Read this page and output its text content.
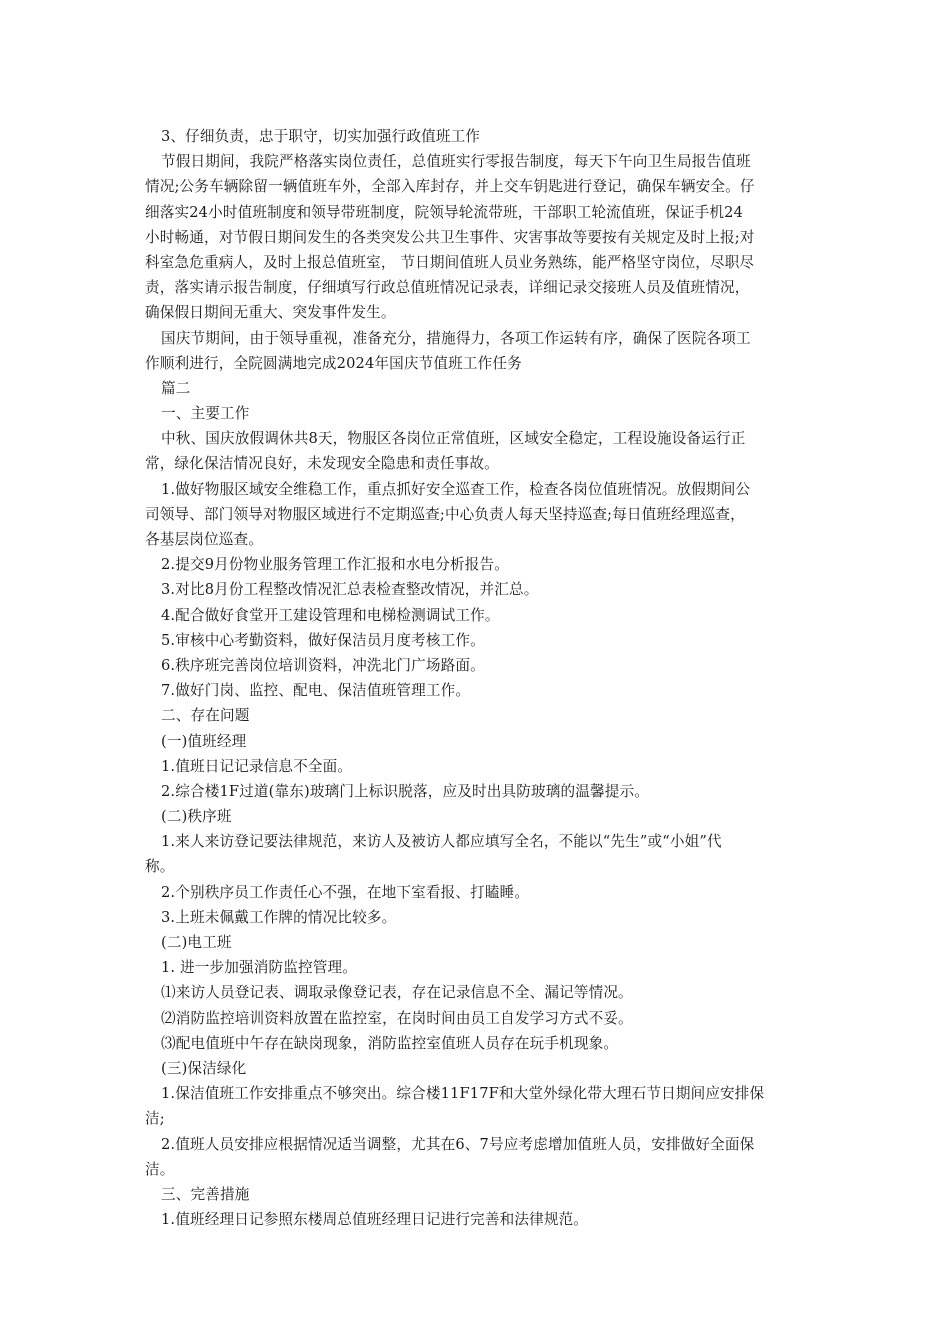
3、仔细负责，忠于职守，切实加强行政值班工作
节假日期间，我院严格落实岗位责任，总值班实行零报告制度，每天下午向卫生局报告值班
情况;公务车辆除留一辆值班车外，全部入库封存，并上交车钥匙进行登记，确保车辆安全。仔
细落实24小时值班制度和领导带班制度，院领导轮流带班，干部职工轮流值班，保证手机24
小时畅通，对节假日期间发生的各类突发公共卫生事件、灾害事故等要按有关规定及时上报;对
科室急危重病人，及时上报总值班室， 节日期间值班人员业务熟练，能严格坚守岗位，尽职尽
责，落实请示报告制度，仔细填写行政总值班情况记录表，详细记录交接班人员及值班情况，
确保假日期间无重大、突发事件发生。
国庆节期间，由于领导重视，准备充分，措施得力，各项工作运转有序，确保了医院各项工
作顺利进行，全院圆满地完成2024年国庆节值班工作任务
篇二
一、主要工作
中秋、国庆放假调休共8天，物服区各岗位正常值班，区域安全稳定，工程设施设备运行正
常，绿化保洁情况良好，未发现安全隐患和责任事故。
1.做好物服区域安全维稳工作，重点抓好安全巡查工作，检查各岗位值班情况。放假期间公
司领导、部门领导对物服区域进行不定期巡查;中心负责人每天坚持巡查;每日值班经理巡查，
各基层岗位巡查。
2.提交9月份物业服务管理工作汇报和水电分析报告。
3.对比8月份工程整改情况汇总表检查整改情况，并汇总。
4.配合做好食堂开工建设管理和电梯检测调试工作。
5.审核中心考勤资料，做好保洁员月度考核工作。
6.秩序班完善岗位培训资料，冲洗北门广场路面。
7.做好门岗、监控、配电、保洁值班管理工作。
二、存在问题
(一)值班经理
1.值班日记记录信息不全面。
2.综合楼1F过道(靠东)玻璃门上标识脱落，应及时出具防玻璃的温馨提示。
(二)秩序班
1.来人来访登记要法律规范，来访人及被访人都应填写全名，不能以“先生”或“小姐”代
称。
2.个别秩序员工作责任心不强，在地下室看报、打瞌睡。
3.上班未佩戴工作牌的情况比较多。
(二)电工班
1. 进一步加强消防监控管理。
⑴来访人员登记表、调取录像登记表，存在记录信息不全、漏记等情况。
⑵消防监控培训资料放置在监控室，在岗时间由员工自发学习方式不妥。
⑶配电值班中午存在缺岗现象，消防监控室值班人员存在玩手机现象。
(三)保洁绿化
1.保洁值班工作安排重点不够突出。综合楼11F17F和大堂外绿化带大理石节日期间应安排保
洁;
2.值班人员安排应根据情况适当调整，尤其在6、7号应考虑增加值班人员，安排做好全面保
洁。
三、完善措施
1.值班经理日记参照东楼周总值班经理日记进行完善和法律规范。
